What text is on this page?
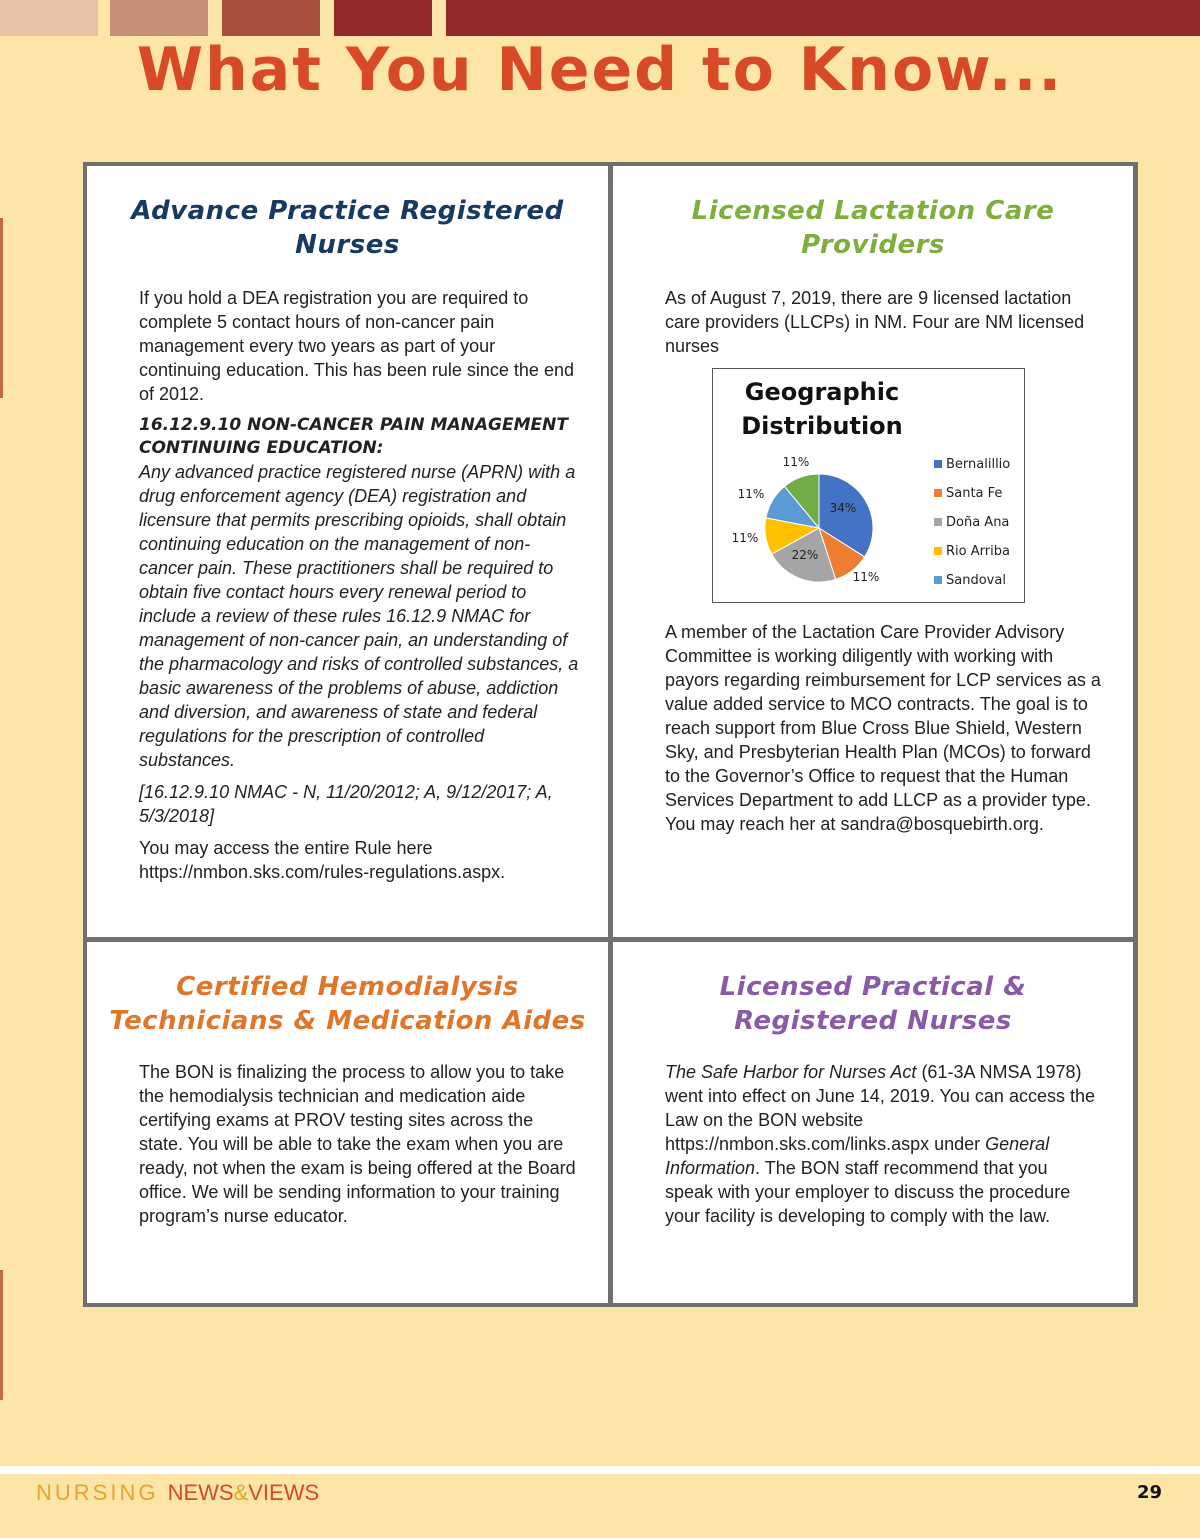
What You Need to Know...
Advance Practice Registered
Nurses

If you hold a DEA registration you are required to complete 5 contact hours of non-cancer pain management every two years as part of your continuing education. This has been rule since the end of 2012.

16.12.9.10 NON-CANCER PAIN MANAGEMENT CONTINUING EDUCATION:

Any advanced practice registered nurse (APRN) with a drug enforcement agency (DEA) registration and licensure that permits prescribing opioids, shall obtain continuing education on the management of non-cancer pain. These practitioners shall be required to obtain five contact hours every renewal period to include a review of these rules 16.12.9 NMAC for management of non-cancer pain, an understanding of the pharmacology and risks of controlled substances, a basic awareness of the problems of abuse, addiction and diversion, and awareness of state and federal regulations for the prescription of controlled substances.

[16.12.9.10 NMAC - N, 11/20/2012; A, 9/12/2017; A, 5/3/2018]

You may access the entire Rule here https://nmbon.sks.com/rules-regulations.aspx.

Licensed Lactation Care
Providers
As of August 7, 2019, there are 9 licensed lactation care providers (LLCPs) in NM. Four are NM licensed nurses
Geographic
Distribution
34%
11%
22%
11%
11%
11%	Bernalillio
Santa Fe
Doña Ana
Rio Arriba
Sandoval
A member of the Lactation Care Provider Advisory Committee is working diligently with working with payors regarding reimbursement for LCP services as a value added service to MCO contracts. The goal is to reach support from Blue Cross Blue Shield, Western Sky, and Presbyterian Health Plan (MCOs) to forward to the Governor’s Office to request that the Human Services Department to add LLCP as a provider type. You may reach her at sandra@bosquebirth.org.
Certified Hemodialysis
Technicians & Medication Aides
The BON is finalizing the process to allow you to take the hemodialysis technician and medication aide certifying exams at PROV testing sites across the state. You will be able to take the exam when you are ready, not when the exam is being offered at the Board office. We will be sending information to your training program’s nurse educator.
Licensed Practical &
Registered Nurses
The Safe Harbor for Nurses Act (61-3A NMSA 1978) went into effect on June 14, 2019. You can access the Law on the BON website https://nmbon.sks.com/links.aspx under General Information. The BON staff recommend that you speak with your employer to discuss the procedure your facility is developing to comply with the law.
NURSING NEWS&VIEWS	29
